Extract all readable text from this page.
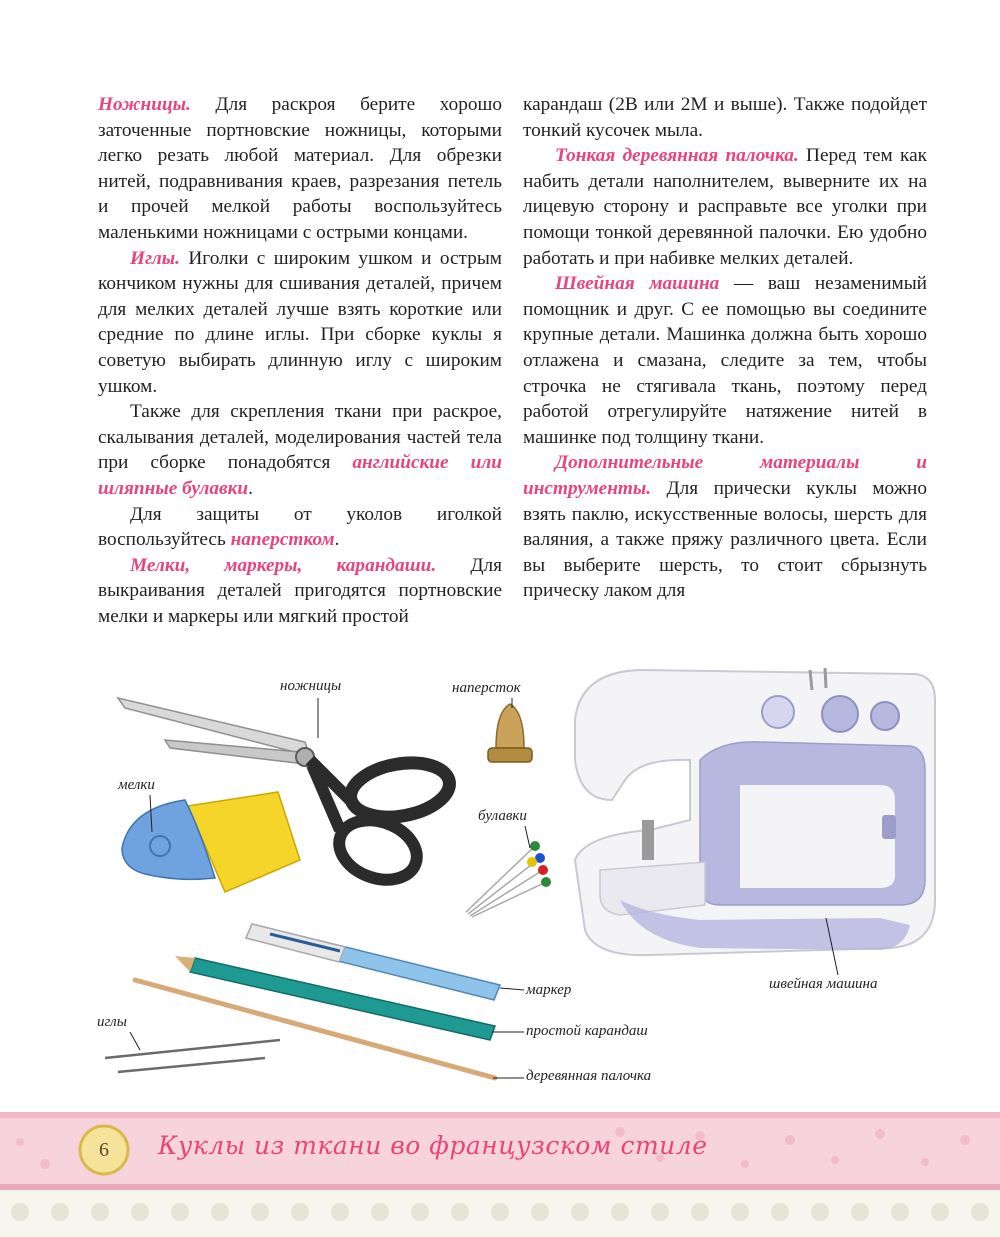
Ножницы. Для раскроя берите хорошо заточенные портновские ножницы, которыми легко резать любой материал. Для обрезки нитей, подравнивания краев, разрезания петель и прочей мелкой работы воспользуйтесь маленькими ножницами с острыми концами.

Иглы. Иголки с широким ушком и острым кончиком нужны для сшивания деталей, причем для мелких деталей лучше взять короткие или средние по длине иглы. При сборке куклы я советую выбирать длинную иглу с широким ушком.

Также для скрепления ткани при раскрое, скалывания деталей, моделирования частей тела при сборке понадобятся английские или шляпные булавки.

Для защиты от уколов иголкой воспользуйтесь наперстком.

Мелки, маркеры, карандаши. Для выкраивания деталей пригодятся портновские мелки и маркеры или мягкий простой

карандаш (2В или 2М и выше). Также подойдет тонкий кусочек мыла.

Тонкая деревянная палочка. Перед тем как набить детали наполнителем, выверните их на лицевую сторону и расправьте все уголки при помощи тонкой деревянной палочки. Ею удобно работать и при набивке мелких деталей.

Швейная машина — ваш незаменимый помощник и друг. С ее помощью вы соедините крупные детали. Машинка должна быть хорошо отлажена и смазана, следите за тем, чтобы строчка не стягивала ткань, поэтому перед работой отрегулируйте натяжение нитей в машинке под толщину ткани.

Дополнительные материалы и инструменты. Для прически куклы можно взять паклю, искусственные волосы, шерсть для валяния, а также пряжу различного цвета. Если вы выберите шерсть, то стоит сбрызнуть прическу лаком для

ножницы	наперсток
мелки
булавки
маркер
простой карандаш
иглы
деревянная палочка
швейная машина
6	Куклы из ткани во французском стиле
